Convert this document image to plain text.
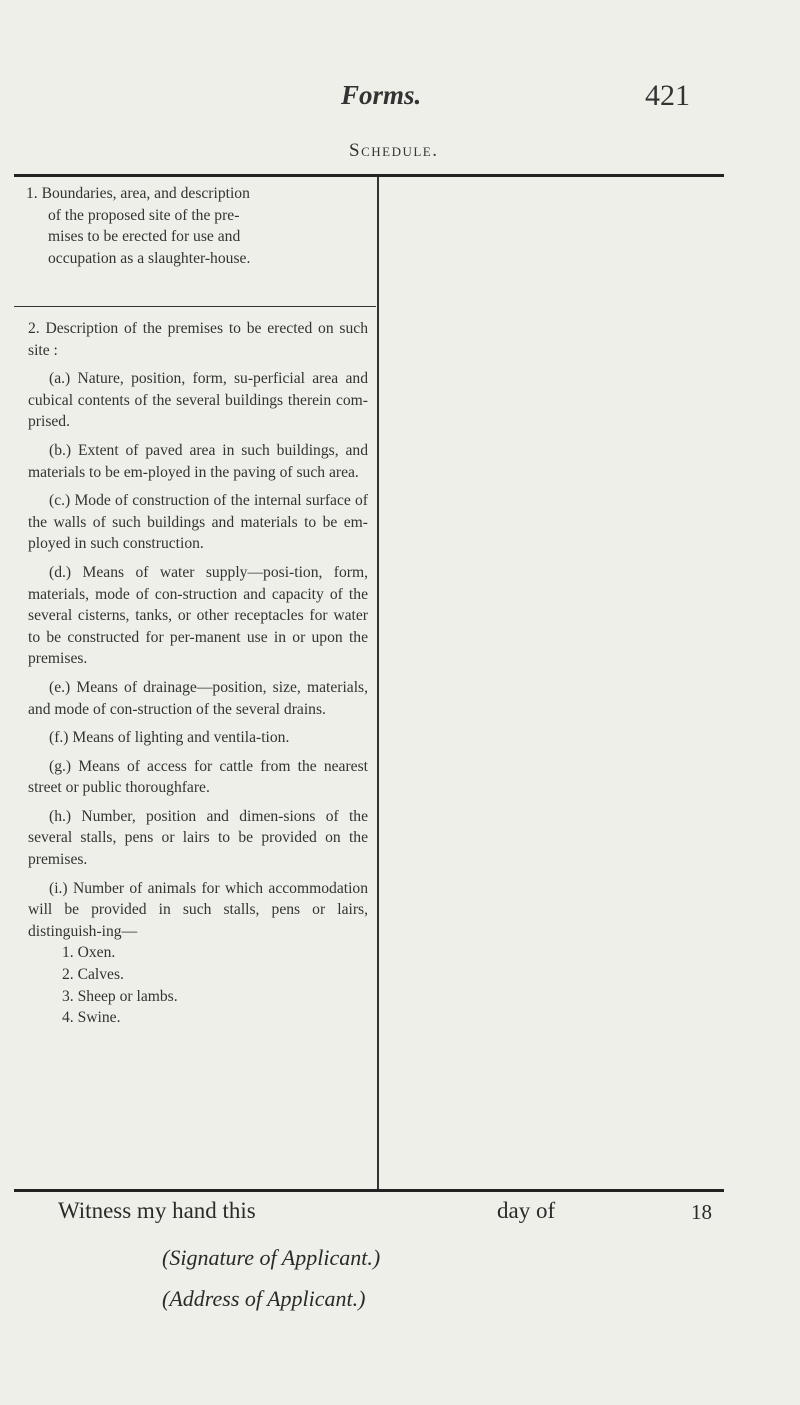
Forms.	421
Schedule.
1. Boundaries, area, and description
of the proposed site of the pre-
mises to be erected for use and
occupation as a slaughter-house.

2. Description of the premises to be erected on such site :

(a.) Nature, position, form, su-perficial area and cubical contents of the several buildings therein com-prised.

(b.) Extent of paved area in such buildings, and materials to be em-ployed in the paving of such area.

(c.) Mode of construction of the internal surface of the walls of such buildings and materials to be em-ployed in such construction.

(d.) Means of water supply—posi-tion, form, materials, mode of con-struction and capacity of the several cisterns, tanks, or other receptacles for water to be constructed for per-manent use in or upon the premises.

(e.) Means of drainage—position, size, materials, and mode of con-struction of the several drains.

(f.) Means of lighting and ventila-tion.

(g.) Means of access for cattle from the nearest street or public thoroughfare.

(h.) Number, position and dimen-sions of the several stalls, pens or lairs to be provided on the premises.

(i.) Number of animals for which accommodation will be provided in such stalls, pens or lairs, distinguish-ing—

1. Oxen.
2. Calves.
3. Sheep or lambs.
4. Swine.
Witness my hand this	day of	18
(Signature of Applicant.)
(Address of Applicant.)
